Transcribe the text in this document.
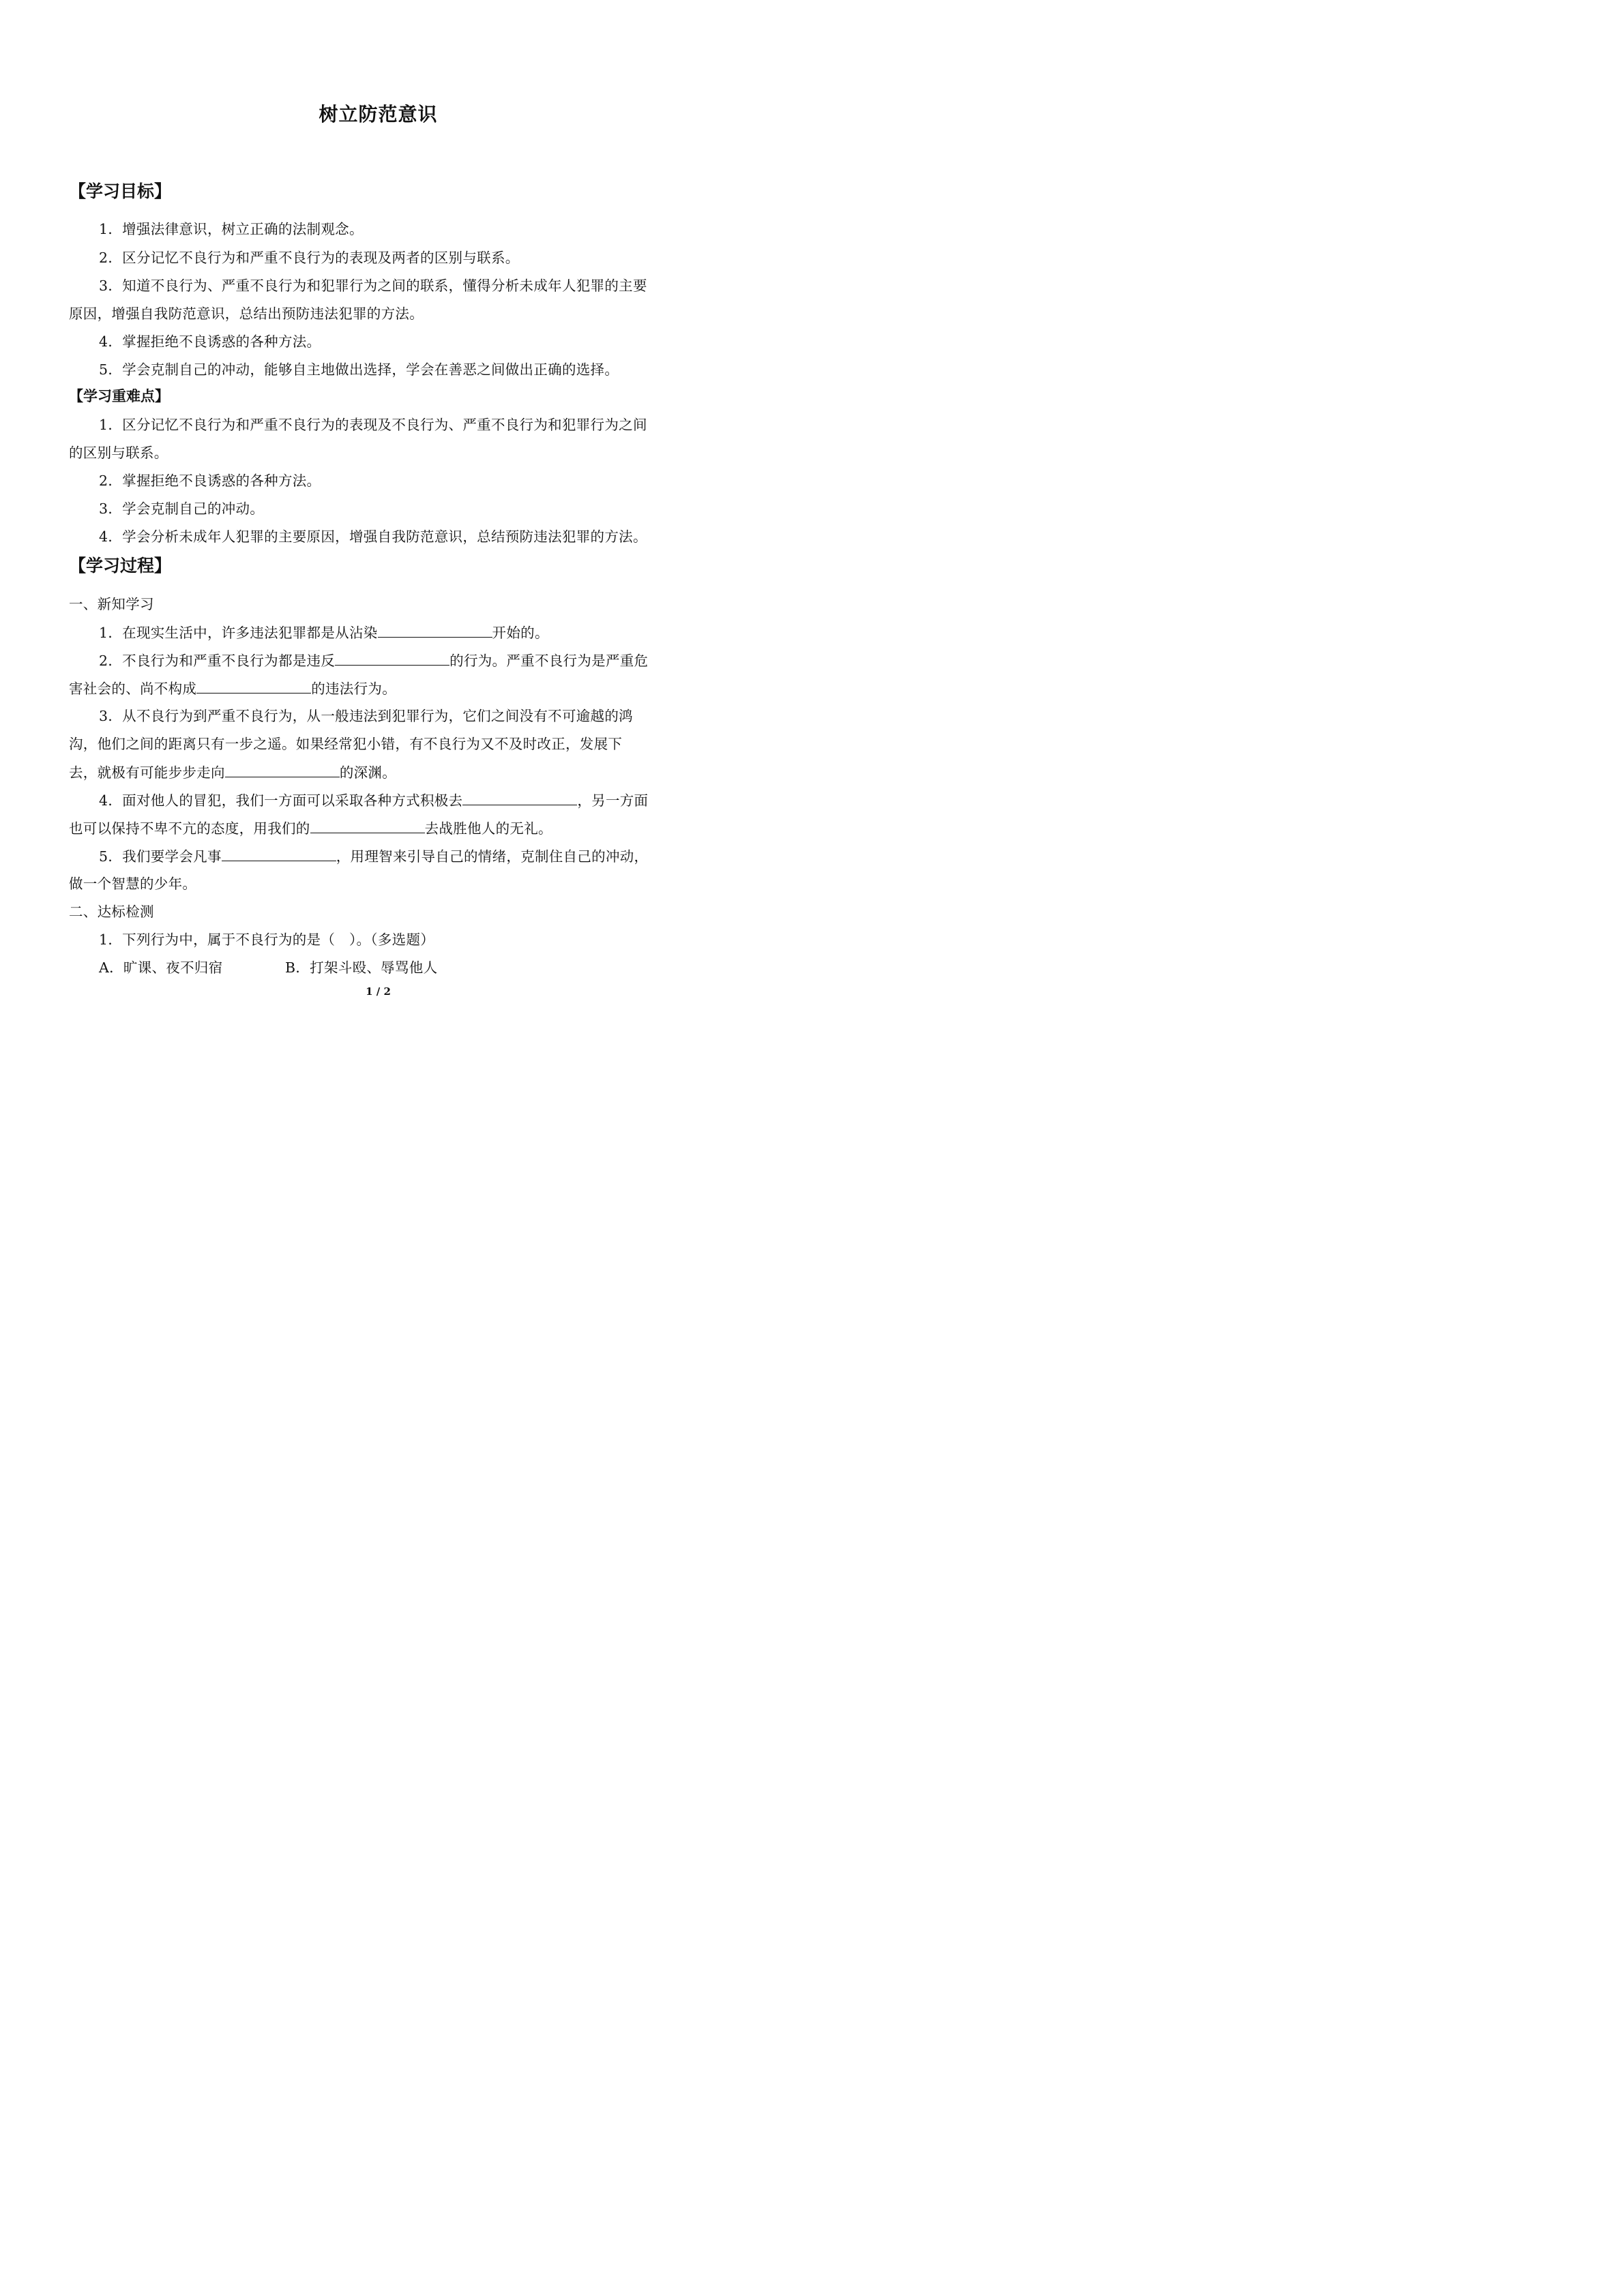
树立防范意识
【学习目标】
1．增强法律意识，树立正确的法制观念。
2．区分记忆不良行为和严重不良行为的表现及两者的区别与联系。
3．知道不良行为、严重不良行为和犯罪行为之间的联系，懂得分析未成年人犯罪的主要
原因，增强自我防范意识，总结出预防违法犯罪的方法。
4．掌握拒绝不良诱惑的各种方法。
5．学会克制自己的冲动，能够自主地做出选择，学会在善恶之间做出正确的选择。
【学习重难点】
1．区分记忆不良行为和严重不良行为的表现及不良行为、严重不良行为和犯罪行为之间
的区别与联系。
2．掌握拒绝不良诱惑的各种方法。
3．学会克制自己的冲动。
4．学会分析未成年人犯罪的主要原因，增强自我防范意识，总结预防违法犯罪的方法。
【学习过程】
一、新知学习
1．在现实生活中，许多违法犯罪都是从沾染	开始的。
2．不良行为和严重不良行为都是违反	的行为。严重不良行为是严重危
害社会的、尚不构成	的违法行为。
3．从不良行为到严重不良行为，从一般违法到犯罪行为，它们之间没有不可逾越的鸿
沟，他们之间的距离只有一步之遥。如果经常犯小错，有不良行为又不及时改正，发展下
去，就极有可能步步走向	的深渊。
4．面对他人的冒犯，我们一方面可以采取各种方式积极去	，另一方面
也可以保持不卑不亢的态度，用我们的	去战胜他人的无礼。
5．我们要学会凡事	，用理智来引导自己的情绪，克制住自己的冲动，
做一个智慧的少年。
二、达标检测
1．下列行为中，属于不良行为的是（　）。（多选题）
A．旷课、夜不归宿	B．打架斗殴、辱骂他人
1 / 2
